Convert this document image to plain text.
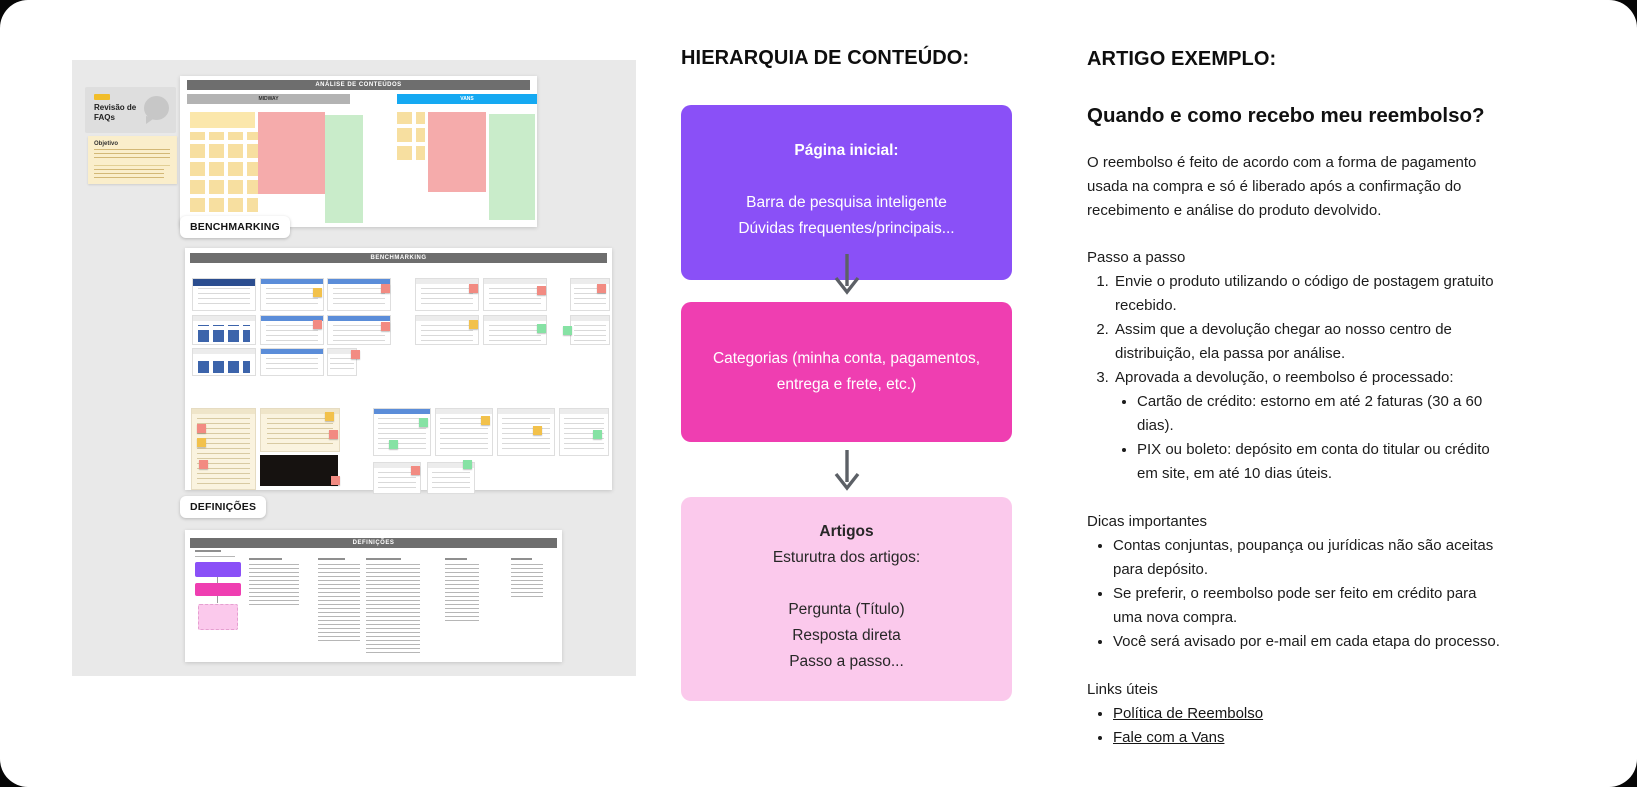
Revisão de FAQs
Objetivo
ANÁLISE DE CONTEÚDOS
MIDWAY	VANS
BENCHMARKING
BENCHMARKING
DEFINIÇÕES
DEFINIÇÕES
HIERARQUIA DE CONTEÚDO:
Página inicial:
Barra de pesquisa inteligente
Dúvidas frequentes/principais...
Categorias (minha conta, pagamentos,
entrega e frete, etc.)
Artigos
Esturutra dos artigos:
Pergunta (Título)
Resposta direta
Passo a passo...
ARTIGO EXEMPLO:
Quando e como recebo meu reembolso?

O reembolso é feito de acordo com a forma de pagamento usada na compra e só é liberado após a confirmação do recebimento e análise do produto devolvido.

Passo a passo
1. Envie o produto utilizando o código de postagem gratuito recebido.
2. Assim que a devolução chegar ao nosso centro de distribuição, ela passa por análise.
3. Aprovada a devolução, o reembolso é processado:
• Cartão de crédito: estorno em até 2 faturas (30 a 60 dias).
• PIX ou boleto: depósito em conta do titular ou crédito em site, em até 10 dias úteis.
Dicas importantes
• Contas conjuntas, poupança ou jurídicas não são aceitas para depósito.
• Se preferir, o reembolso pode ser feito em crédito para uma nova compra.
• Você será avisado por e-mail em cada etapa do processo.
Links úteis
• Política de Reembolso
• Fale com a Vans
